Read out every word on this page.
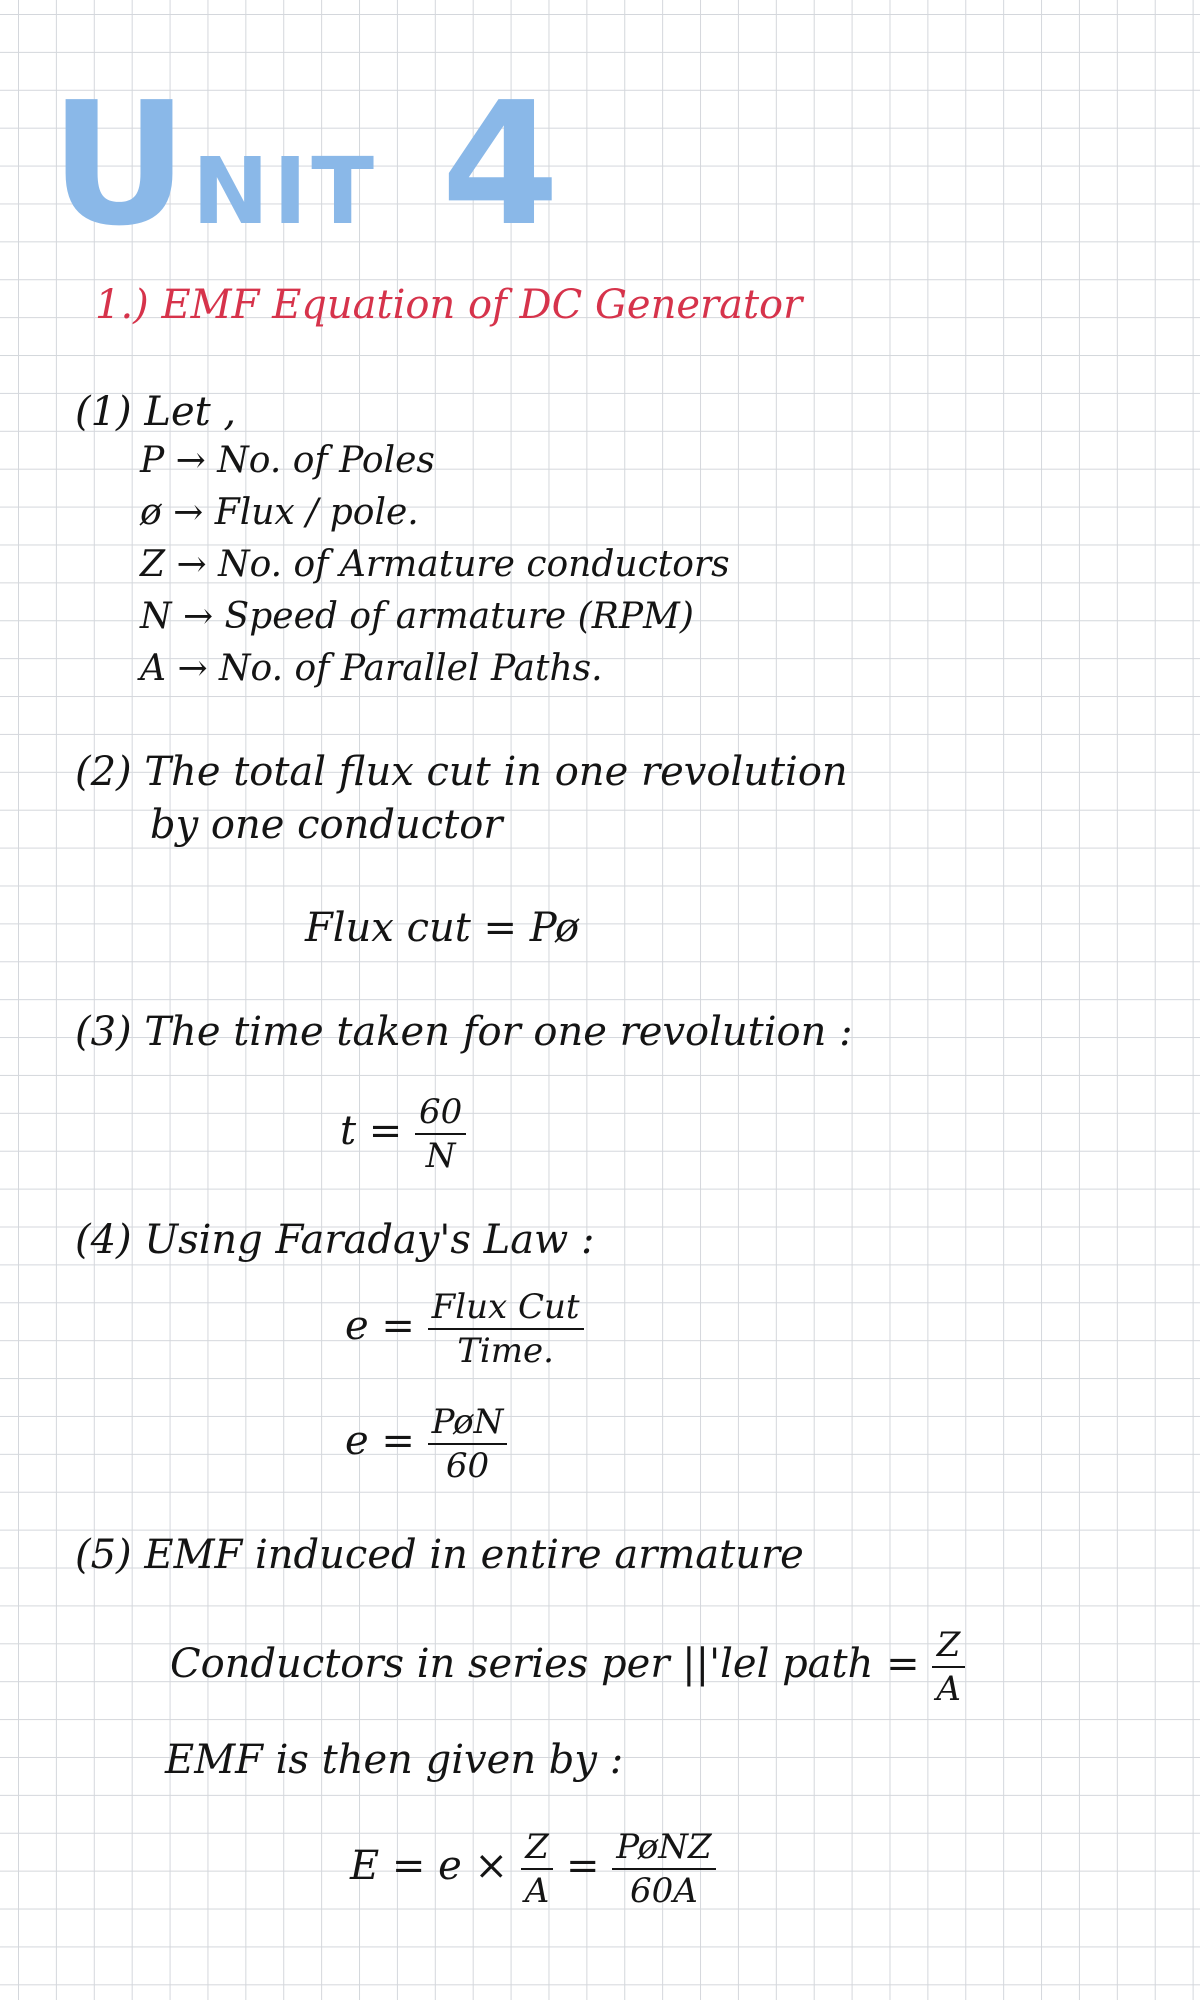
UNIT 4
1.) EMF Equation of DC Generator
(1) Let ,
P → No. of Poles
ø → Flux / pole.
Z → No. of Armature conductors
N → Speed of armature (RPM)
A → No. of Parallel Paths.
(2) The total flux cut in one revolution
by one conductor
Flux cut = Pø
(3) The time taken for one revolution :
$t = \frac{60}{N}$
(4) Using Faraday's Law :
$e = \frac{\text{Flux Cut}}{\text{Time.}}$
$e = \frac{\text{PøN}}{60}$
(5) EMF induced in entire armature
Conductors in series per ||'lel path = $\frac{Z}{A}$
EMF is then given by :
$E = e \times \frac{Z}{A} = \frac{\text{PøNZ}}{60A}$
